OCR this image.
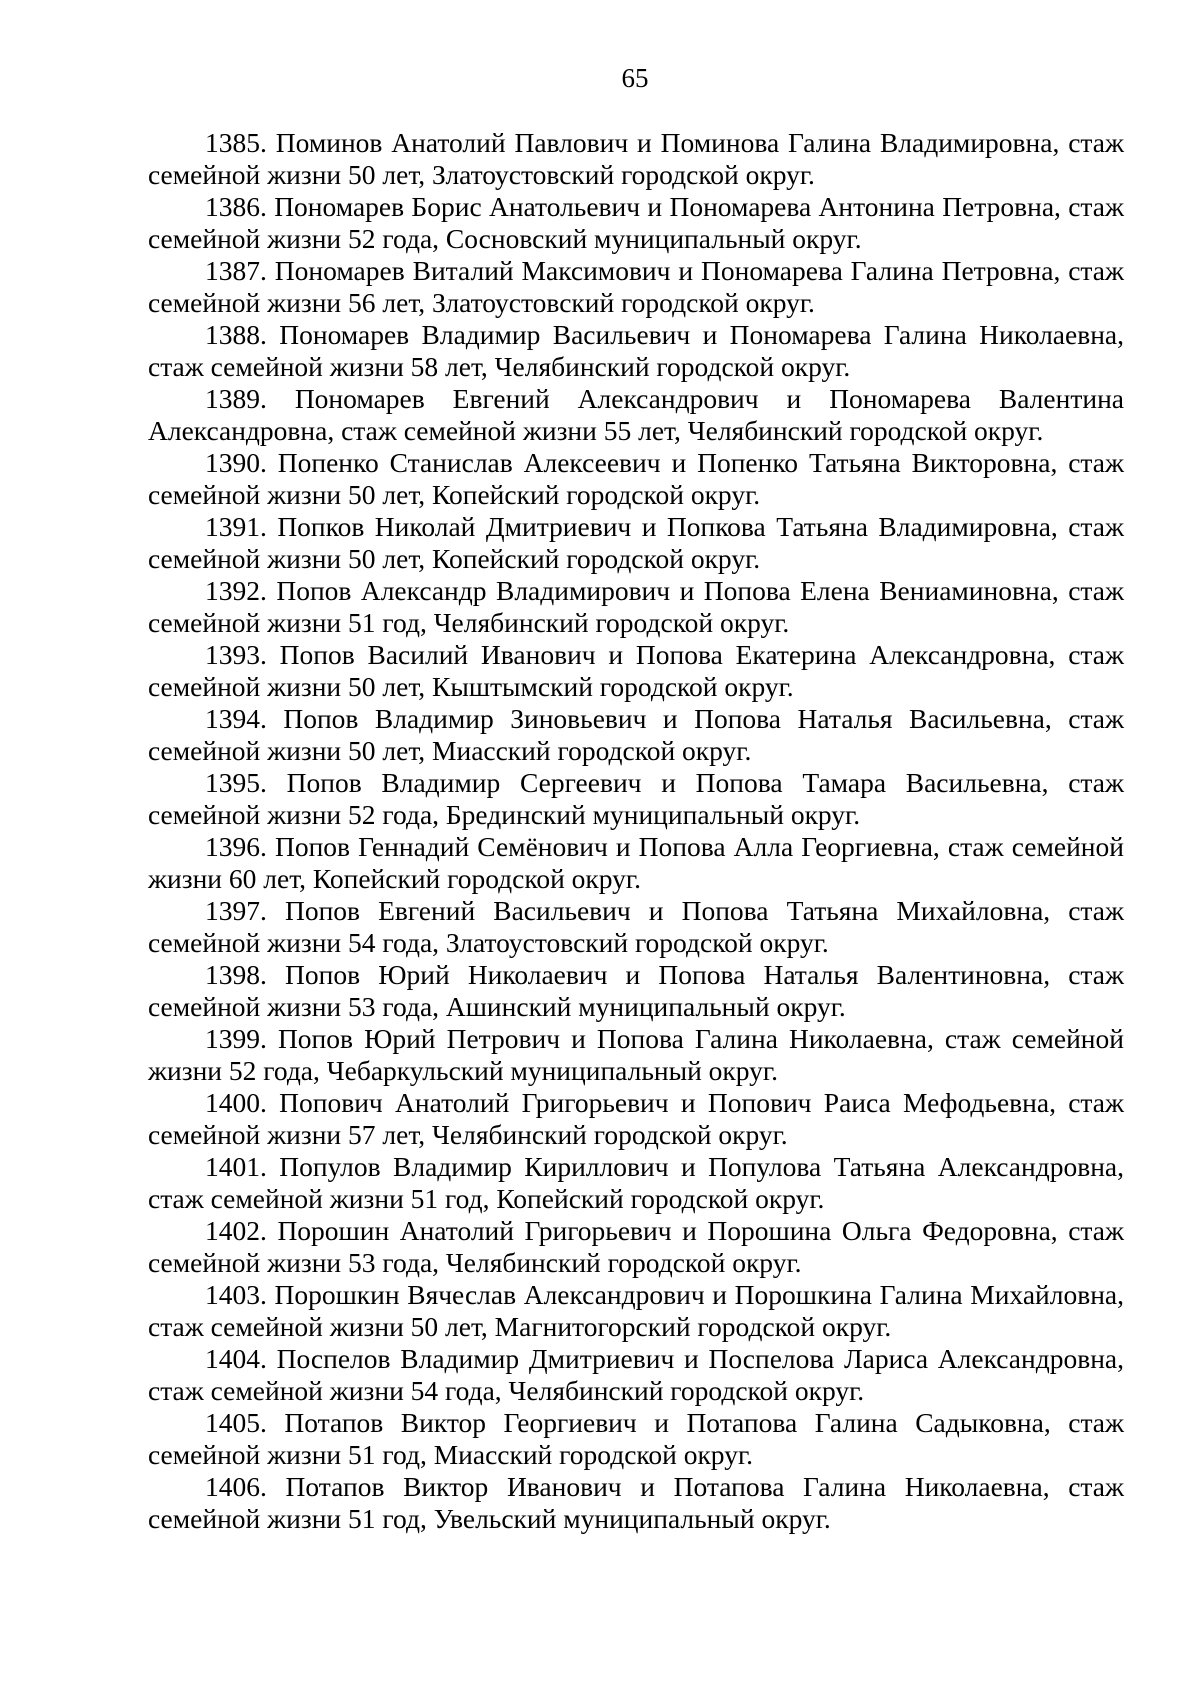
65

1385. Поминов Анатолий Павлович и Поминова Галина Владимировна, стаж семейной жизни 50 лет, Златоустовский городской округ.

1386. Пономарев Борис Анатольевич и Пономарева Антонина Петровна, стаж семейной жизни 52 года, Сосновский муниципальный округ.

1387. Пономарев Виталий Максимович и Пономарева Галина Петровна, стаж семейной жизни 56 лет, Златоустовский городской округ.

1388. Пономарев Владимир Васильевич и Пономарева Галина Николаевна, стаж семейной жизни 58 лет, Челябинский городской округ.

1389. Пономарев Евгений Александрович и Пономарева Валентина Александровна, стаж семейной жизни 55 лет, Челябинский городской округ.

1390. Попенко Станислав Алексеевич и Попенко Татьяна Викторовна, стаж семейной жизни 50 лет, Копейский городской округ.

1391. Попков Николай Дмитриевич и Попкова Татьяна Владимировна, стаж семейной жизни 50 лет, Копейский городской округ.

1392. Попов Александр Владимирович и Попова Елена Вениаминовна, стаж семейной жизни 51 год, Челябинский городской округ.

1393. Попов Василий Иванович и Попова Екатерина Александровна, стаж семейной жизни 50 лет, Кыштымский городской округ.

1394. Попов Владимир Зиновьевич и Попова Наталья Васильевна, стаж семейной жизни 50 лет, Миасский городской округ.

1395. Попов Владимир Сергеевич и Попова Тамара Васильевна, стаж семейной жизни 52 года, Брединский муниципальный округ.

1396. Попов Геннадий Семёнович и Попова Алла Георгиевна, стаж семейной жизни 60 лет, Копейский городской округ.

1397. Попов Евгений Васильевич и Попова Татьяна Михайловна, стаж семейной жизни 54 года, Златоустовский городской округ.

1398. Попов Юрий Николаевич и Попова Наталья Валентиновна, стаж семейной жизни 53 года, Ашинский муниципальный округ.

1399. Попов Юрий Петрович и Попова Галина Николаевна, стаж семейной жизни 52 года, Чебаркульский муниципальный округ.

1400. Попович Анатолий Григорьевич и Попович Раиса Мефодьевна, стаж семейной жизни 57 лет, Челябинский городской округ.

1401. Популов Владимир Кириллович и Популова Татьяна Александровна, стаж семейной жизни 51 год, Копейский городской округ.

1402. Порошин Анатолий Григорьевич и Порошина Ольга Федоровна, стаж семейной жизни 53 года, Челябинский городской округ.

1403. Порошкин Вячеслав Александрович и Порошкина Галина Михайловна, стаж семейной жизни 50 лет, Магнитогорский городской округ.

1404. Поспелов Владимир Дмитриевич и Поспелова Лариса Александровна, стаж семейной жизни 54 года, Челябинский городской округ.

1405. Потапов Виктор Георгиевич и Потапова Галина Садыковна, стаж семейной жизни 51 год, Миасский городской округ.

1406. Потапов Виктор Иванович и Потапова Галина Николаевна, стаж семейной жизни 51 год, Увельский муниципальный округ.
